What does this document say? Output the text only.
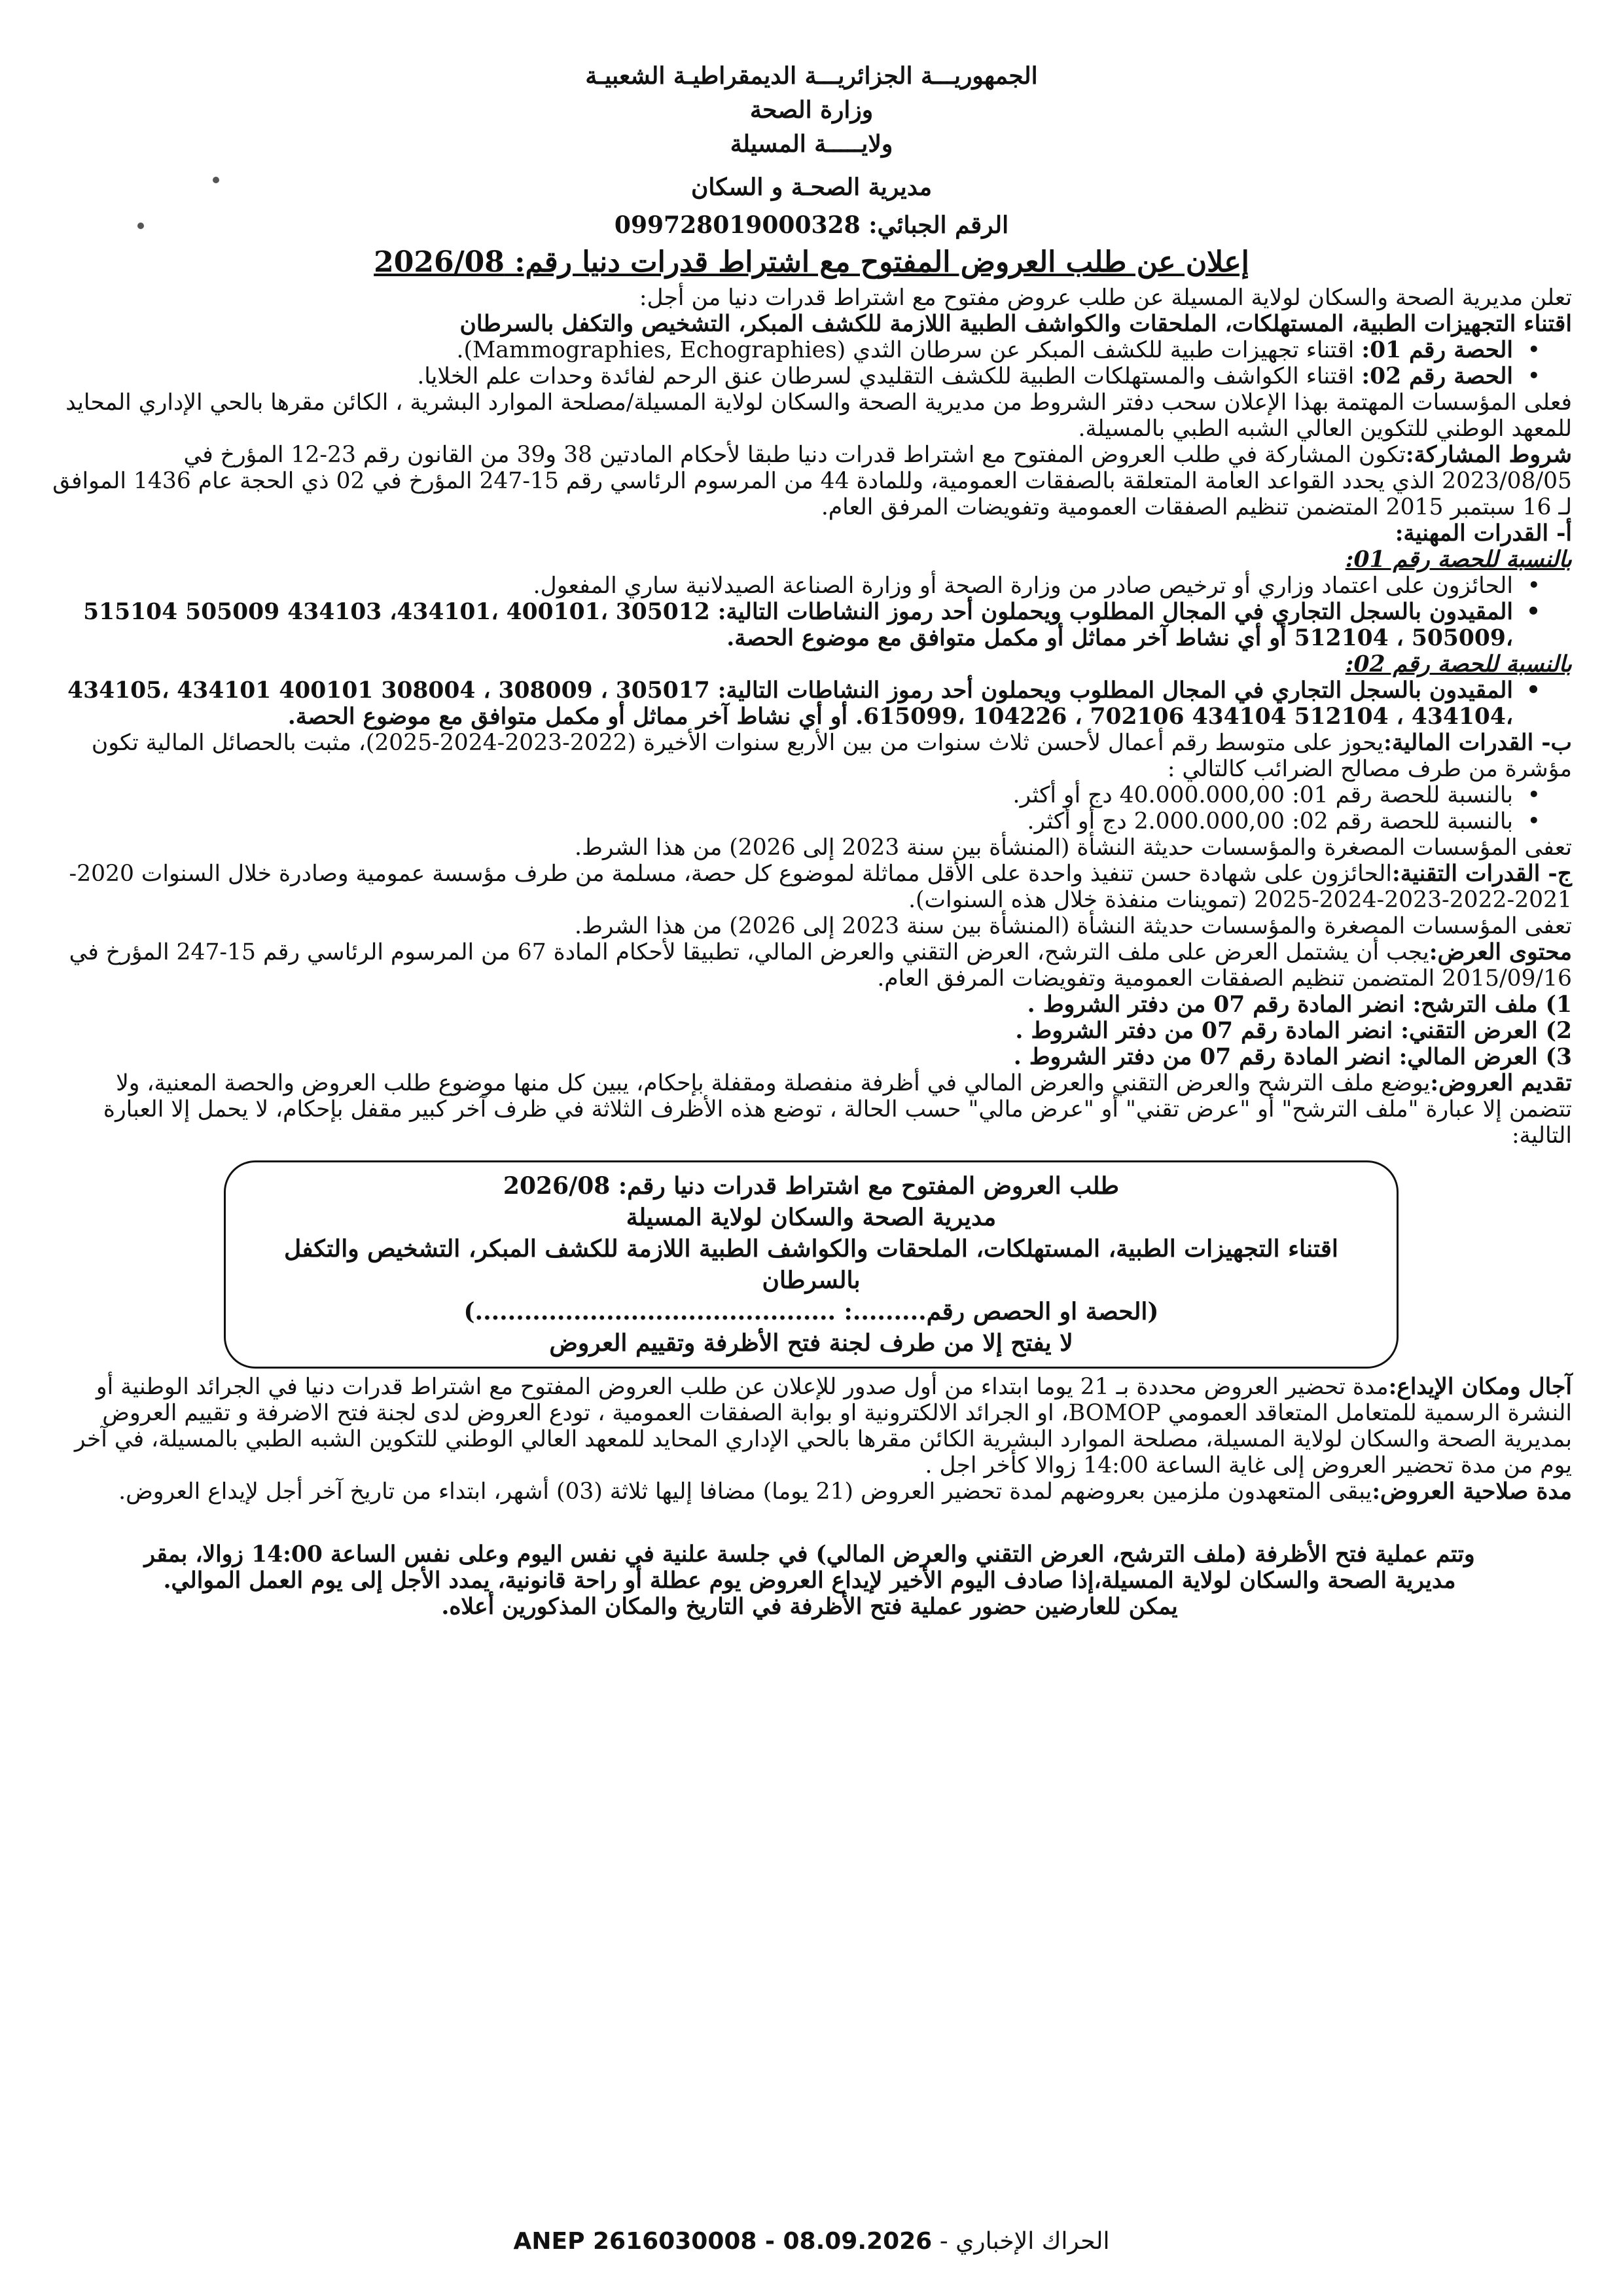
الجمهوريـــة الجزائريـــة الديمقراطيـة الشعبيـة
وزارة الصحة
ولايـــــة المسيلة
مديرية الصحـة و السكان
الرقم الجبائي: 099728019000328
إعلان عن طلب العروض المفتوح مع اشتراط قدرات دنيا رقم: 2026/08

تعلن مديرية الصحة والسكان لولاية المسيلة عن طلب عروض مفتوح مع اشتراط قدرات دنيا من أجل:

اقتناء التجهيزات الطبية، المستهلكات، الملحقات والكواشف الطبية اللازمة للكشف المبكر، التشخيص والتكفل بالسرطان

• الحصة رقم 01: اقتناء تجهيزات طبية للكشف المبكر عن سرطان الثدي (Mammographies, Echographies).
• الحصة رقم 02: اقتناء الكواشف والمستهلكات الطبية للكشف التقليدي لسرطان عنق الرحم لفائدة وحدات علم الخلايا.

فعلى المؤسسات المهتمة بهذا الإعلان سحب دفتر الشروط من مديرية الصحة والسكان لولاية المسيلة/مصلحة الموارد البشرية ، الكائن مقرها بالحي الإداري المحايد للمعهد الوطني للتكوين العالي الشبه الطبي بالمسيلة.

شروط المشاركة:تكون المشاركة في طلب العروض المفتوح مع اشتراط قدرات دنيا طبقا لأحكام المادتين 38 و39 من القانون رقم 23-12 المؤرخ في 2023/08/05 الذي يحدد القواعد العامة المتعلقة بالصفقات العمومية، وللمادة 44 من المرسوم الرئاسي رقم 15-247 المؤرخ في 02 ذي الحجة عام 1436 الموافق لـ 16 سبتمبر 2015 المتضمن تنظيم الصفقات العمومية وتفويضات المرفق العام.

أ- القدرات المهنية:

بالنسبة للحصة رقم 01:

• الحائزون على اعتماد وزاري أو ترخيص صادر من وزارة الصحة أو وزارة الصناعة الصيدلانية ساري المفعول.
• المقيدون بالسجل التجاري في المجال المطلوب ويحملون أحد رموز النشاطات التالية: 305012 ،400101 ،434101، 434103 505009 515104 ،505009 ، 512104 أو أي نشاط آخر مماثل أو مكمل متوافق مع موضوع الحصة.

بالنسبة للحصة رقم 02:

• المقيدون بالسجل التجاري في المجال المطلوب ويحملون أحد رموز النشاطات التالية: 305017 ، 308009 ، 308004 400101 434101 ،434105 ،434104 ، 512104 434104 702106 ، 104226 ،615099. أو أي نشاط آخر مماثل أو مكمل متوافق مع موضوع الحصة.

ب- القدرات المالية:يحوز على متوسط رقم أعمال لأحسن ثلاث سنوات من بين الأربع سنوات الأخيرة (2022-2023-2024-2025)، مثبت بالحصائل المالية تكون مؤشرة من طرف مصالح الضرائب كالتالي :

• بالنسبة للحصة رقم 01: 40.000.000,00 دج أو أكثر.
• بالنسبة للحصة رقم 02: 2.000.000,00 دج أو أكثر.

تعفى المؤسسات المصغرة والمؤسسات حديثة النشأة (المنشأة بين سنة 2023 إلى 2026) من هذا الشرط.

ج- القدرات التقنية:الحائزون على شهادة حسن تنفيذ واحدة على الأقل مماثلة لموضوع كل حصة، مسلمة من طرف مؤسسة عمومية وصادرة خلال السنوات 2020-2021-2022-2023-2024-2025 (تموينات منفذة خلال هذه السنوات).

تعفى المؤسسات المصغرة والمؤسسات حديثة النشأة (المنشأة بين سنة 2023 إلى 2026) من هذا الشرط.

محتوى العرض:يجب أن يشتمل العرض على ملف الترشح، العرض التقني والعرض المالي، تطبيقا لأحكام المادة 67 من المرسوم الرئاسي رقم 15-247 المؤرخ في 2015/09/16 المتضمن تنظيم الصفقات العمومية وتفويضات المرفق العام.

1) ملف الترشح: انضر المادة رقم 07 من دفتر الشروط .

2) العرض التقني: انضر المادة رقم 07 من دفتر الشروط .

3) العرض المالي: انضر المادة رقم 07 من دفتر الشروط .

تقديم العروض:يوضع ملف الترشح والعرض التقني والعرض المالي في أظرفة منفصلة ومقفلة بإحكام، يبين كل منها موضوع طلب العروض والحصة المعنية، ولا تتضمن إلا عبارة "ملف الترشح" أو "عرض تقني" أو "عرض مالي" حسب الحالة ، توضع هذه الأظرف الثلاثة في ظرف آخر كبير مقفل بإحكام، لا يحمل إلا العبارة التالية:

طلب العروض المفتوح مع اشتراط قدرات دنيا رقم: 2026/08

مديرية الصحة والسكان لولاية المسيلة

اقتناء التجهيزات الطبية، المستهلكات، الملحقات والكواشف الطبية اللازمة للكشف المبكر، التشخيص والتكفل بالسرطان

(الحصة او الحصص رقم.........: ............................................)

لا يفتح إلا من طرف لجنة فتح الأظرفة وتقييم العروض

آجال ومكان الإيداع:مدة تحضير العروض محددة بـ 21 يوما ابتداء من أول صدور للإعلان عن طلب العروض المفتوح مع اشتراط قدرات دنيا في الجرائد الوطنية أو النشرة الرسمية للمتعامل المتعاقد العمومي BOMOP، او الجرائد الالكترونية او بوابة الصفقات العمومية ، تودع العروض لدى لجنة فتح الاضرفة و تقييم العروض بمديرية الصحة والسكان لولاية المسيلة، مصلحة الموارد البشرية الكائن مقرها بالحي الإداري المحايد للمعهد العالي الوطني للتكوين الشبه الطبي بالمسيلة، في آخر يوم من مدة تحضير العروض إلى غاية الساعة 14:00 زوالا كأخر اجل .

مدة صلاحية العروض:يبقى المتعهدون ملزمين بعروضهم لمدة تحضير العروض (21 يوما) مضافا إليها ثلاثة (03) أشهر، ابتداء من تاريخ آخر أجل لإيداع العروض.

وتتم عملية فتح الأظرفة (ملف الترشح، العرض التقني والعرض المالي) في جلسة علنية في نفس اليوم وعلى نفس الساعة 14:00 زوالا، بمقر

مديرية الصحة والسكان لولاية المسيلة،إذا صادف اليوم الأخير لإيداع العروض يوم عطلة أو راحة قانونية، يمدد الأجل إلى يوم العمل الموالي.

يمكن للعارضين حضور عملية فتح الأظرفة في التاريخ والمكان المذكورين أعلاه.

ANEP 2616030008 - 08.09.2026 الحراك الإخباري -
